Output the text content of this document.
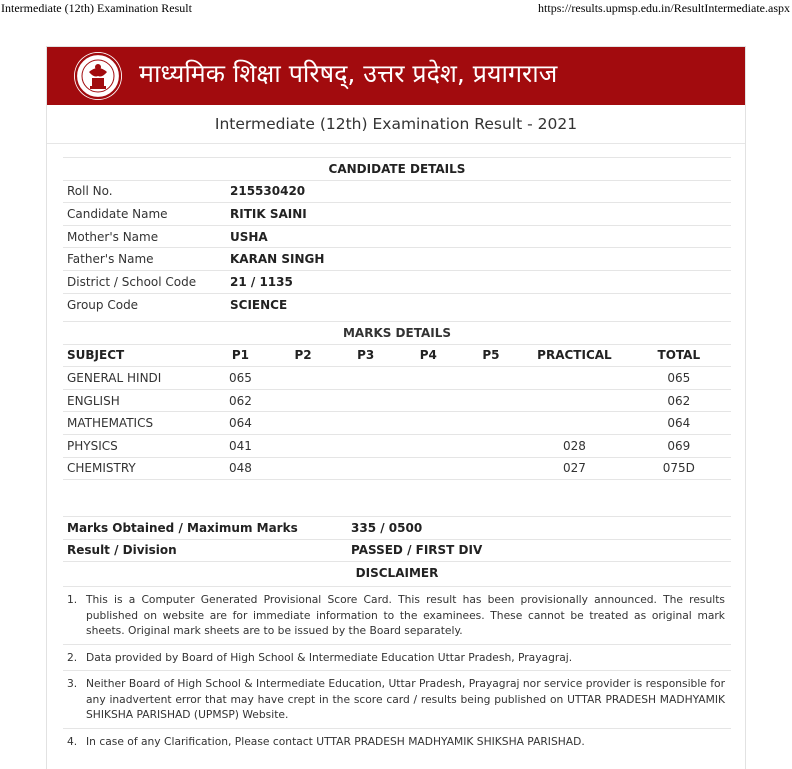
Intermediate (12th) Examination Result	https://results.upmsp.edu.in/ResultIntermediate.aspx
माध्यमिक शिक्षा परिषद्, उत्तर प्रदेश, प्रयागराज
Intermediate (12th) Examination Result - 2021
CANDIDATE DETAILS	
Roll No.	215530420
Candidate Name	RITIK SAINI
Mother's Name	USHA
Father's Name	KARAN SINGH
District / School Code	21 / 1135
Group Code	SCIENCE
MARKS DETAILS							
SUBJECT	P1	P2	P3	P4	P5	PRACTICAL	TOTAL
GENERAL HINDI	065						065
ENGLISH	062						062
MATHEMATICS	064						064
PHYSICS	041					028	069
CHEMISTRY	048					027	075D

Marks Obtained / Maximum Marks	335 / 0500
Result / Division	PASSED / FIRST DIV
DISCLAIMER	
1. This is a Computer Generated Provisional Score Card. This result has been provisionally announced. The results published on website are for immediate information to the examinees. These cannot be treated as original mark sheets. Original mark sheets are to be issued by the Board separately.
2. Data provided by Board of High School & Intermediate Education Uttar Pradesh, Prayagraj.
3. Neither Board of High School & Intermediate Education, Uttar Pradesh, Prayagraj nor service provider is responsible for any inadvertent error that may have crept in the score card / results being published on UTTAR PRADESH MADHYAMIK SHIKSHA PARISHAD (UPMSP) Website.
4. In case of any Clarification, Please contact UTTAR PRADESH MADHYAMIK SHIKSHA PARISHAD.
